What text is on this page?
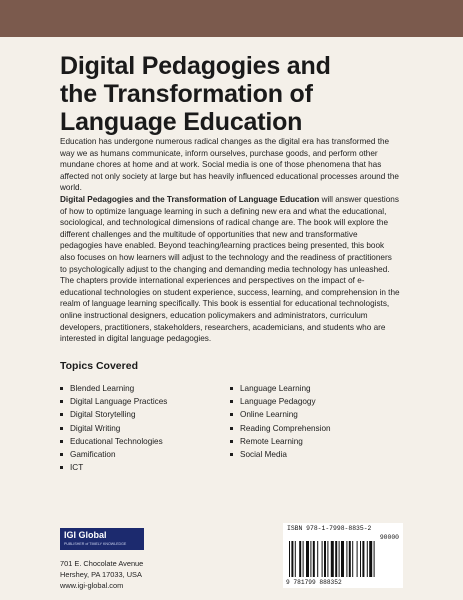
Digital Pedagogies and
the Transformation of
Language Education

Education has undergone numerous radical changes as the digital era has transformed the way we as humans communicate, inform ourselves, purchase goods, and perform other mundane chores at home and at work. Social media is one of those phenomena that has affected not only society at large but has heavily influenced educational processes around the world.

Digital Pedagogies and the Transformation of Language Education will answer questions of how to optimize language learning in such a defining new era and what the educational, sociological, and technological dimensions of radical change are. The book will explore the different challenges and the multitude of opportunities that new and transformative pedagogies have enabled. Beyond teaching/learning practices being presented, this book also focuses on how learners will adjust to the technology and the readiness of practitioners to psychologically adjust to the changing and demanding media technology has unleashed. The chapters provide international experiences and perspectives on the impact of e-educational technologies on student experience, success, learning, and comprehension in the realm of language learning specifically. This book is essential for educational technologists, online instructional designers, education policymakers and administrators, curriculum developers, practitioners, stakeholders, researchers, academicians, and students who are interested in digital language pedagogies.

Topics Covered
Blended Learning
Digital Language Practices
Digital Storytelling
Digital Writing
Educational Technologies
Gamification
ICT
Language Learning
Language Pedagogy
Online Learning
Reading Comprehension
Remote Learning
Social Media
IGI Global
PUBLISHER of TIMELY KNOWLEDGE
701 E. Chocolate Avenue
Hershey, PA 17033, USA
www.igi-global.com
ISBN 978-1-7998-8835-2
90000
9 781799 888352
